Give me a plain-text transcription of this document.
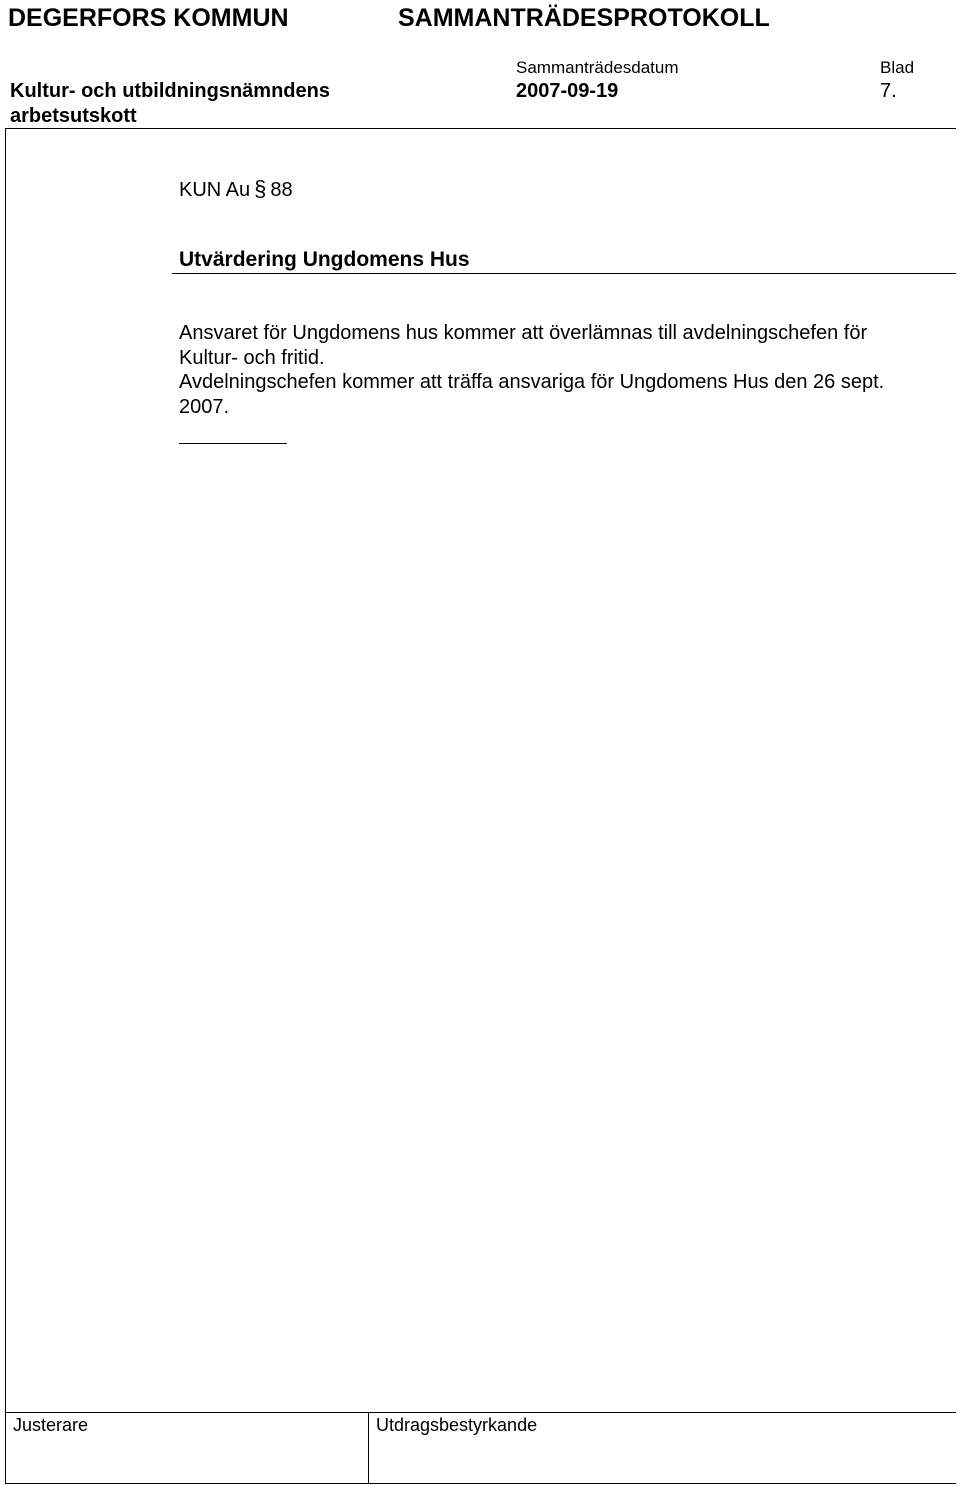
DEGERFORS KOMMUN	SAMMANTRÄDESPROTOKOLL
Sammanträdesdatum	Blad
Kultur- och utbildningsnämndens
arbetsutskott
2007-09-19	7.
KUN Au § 88
Utvärdering Ungdomens Hus
Ansvaret för Ungdomens hus kommer att överlämnas till avdelningschefen för
Kultur- och fritid.
Avdelningschefen kommer att träffa ansvariga för Ungdomens Hus den 26 sept.
2007.
Justerare	Utdragsbestyrkande
